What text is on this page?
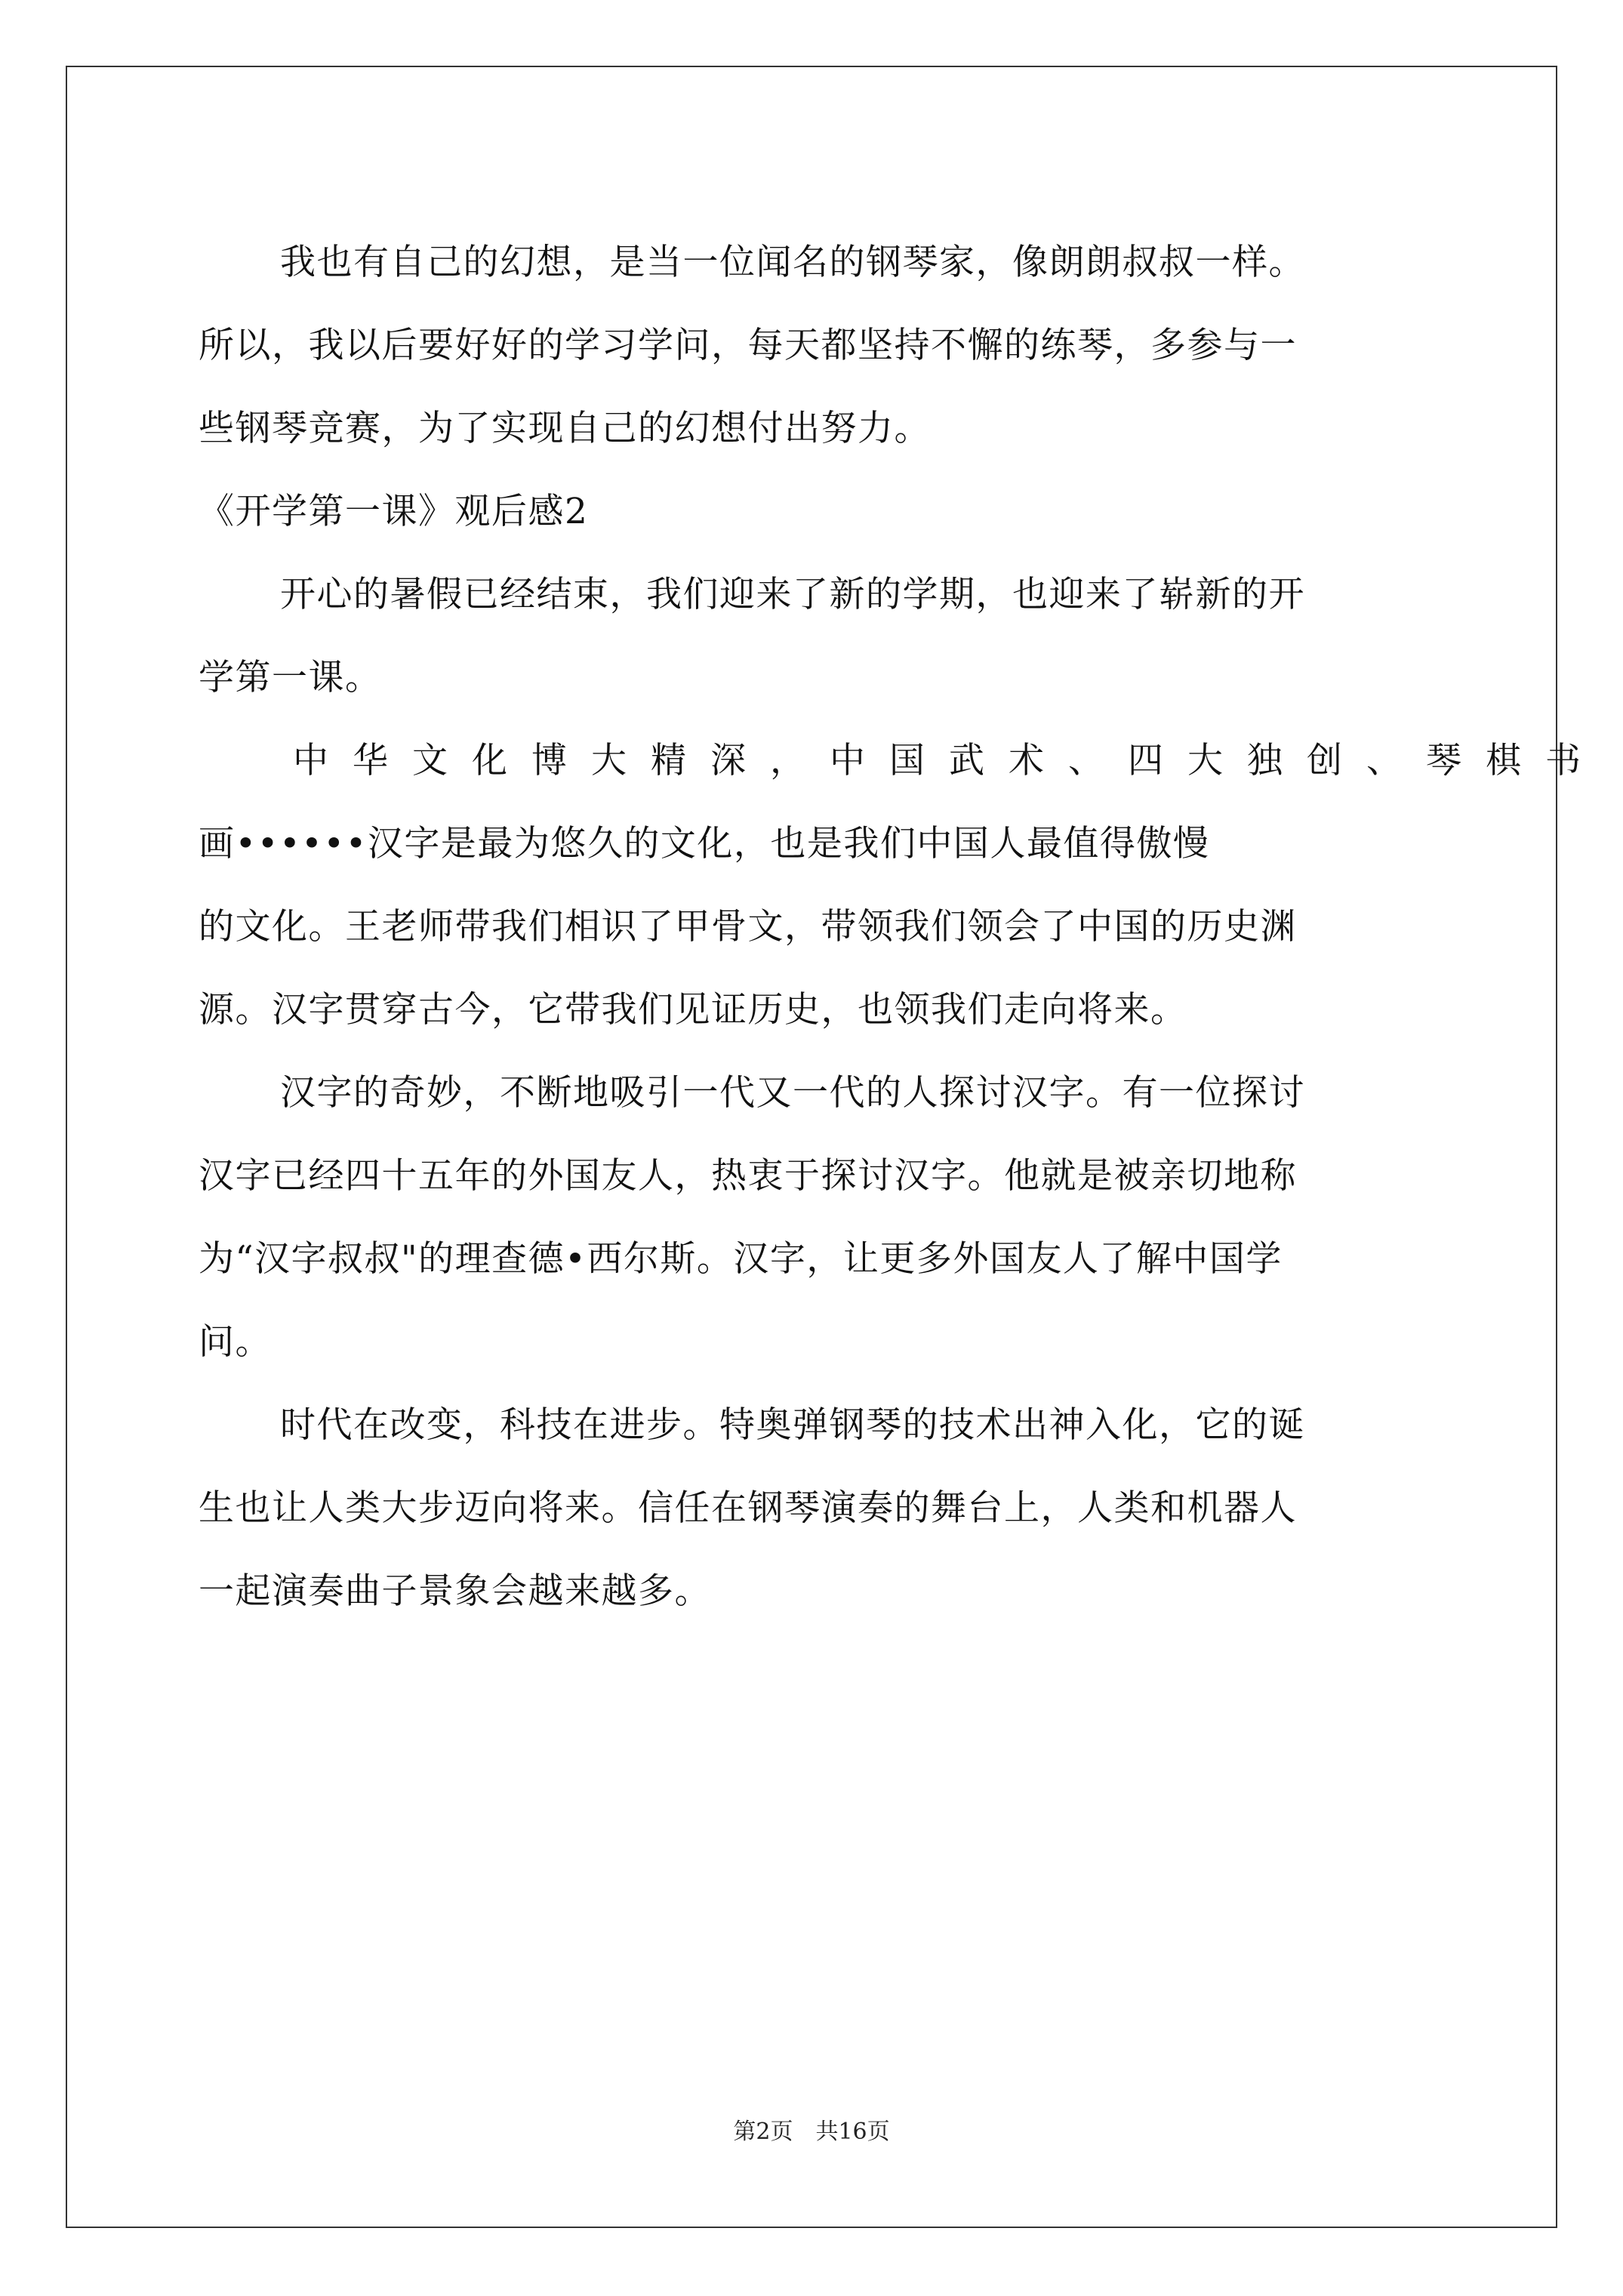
我也有自己的幻想，是当一位闻名的钢琴家，像朗朗叔叔一样。
所以，我以后要好好的学习学问，每天都坚持不懈的练琴，多参与一
些钢琴竞赛，为了实现自己的幻想付出努力。
《开学第一课》观后感2
开心的暑假已经结束，我们迎来了新的学期，也迎来了崭新的开
学第一课。
中华文化博大精深，中国武术、四大独创、琴棋书
画••••••汉字是最为悠久的文化，也是我们中国人最值得傲慢
的文化。王老师带我们相识了甲骨文，带领我们领会了中国的历史渊
源。汉字贯穿古今，它带我们见证历史，也领我们走向将来。
汉字的奇妙，不断地吸引一代又一代的人探讨汉字。有一位探讨
汉字已经四十五年的外国友人，热衷于探讨汉字。他就是被亲切地称
为“汉字叔叔"的理查德•西尔斯。汉字，让更多外国友人了解中国学
问。
时代在改变，科技在进步。特奥弹钢琴的技术出神入化，它的诞
生也让人类大步迈向将来。信任在钢琴演奏的舞台上，人类和机器人
一起演奏曲子景象会越来越多。
第2页 共16页
